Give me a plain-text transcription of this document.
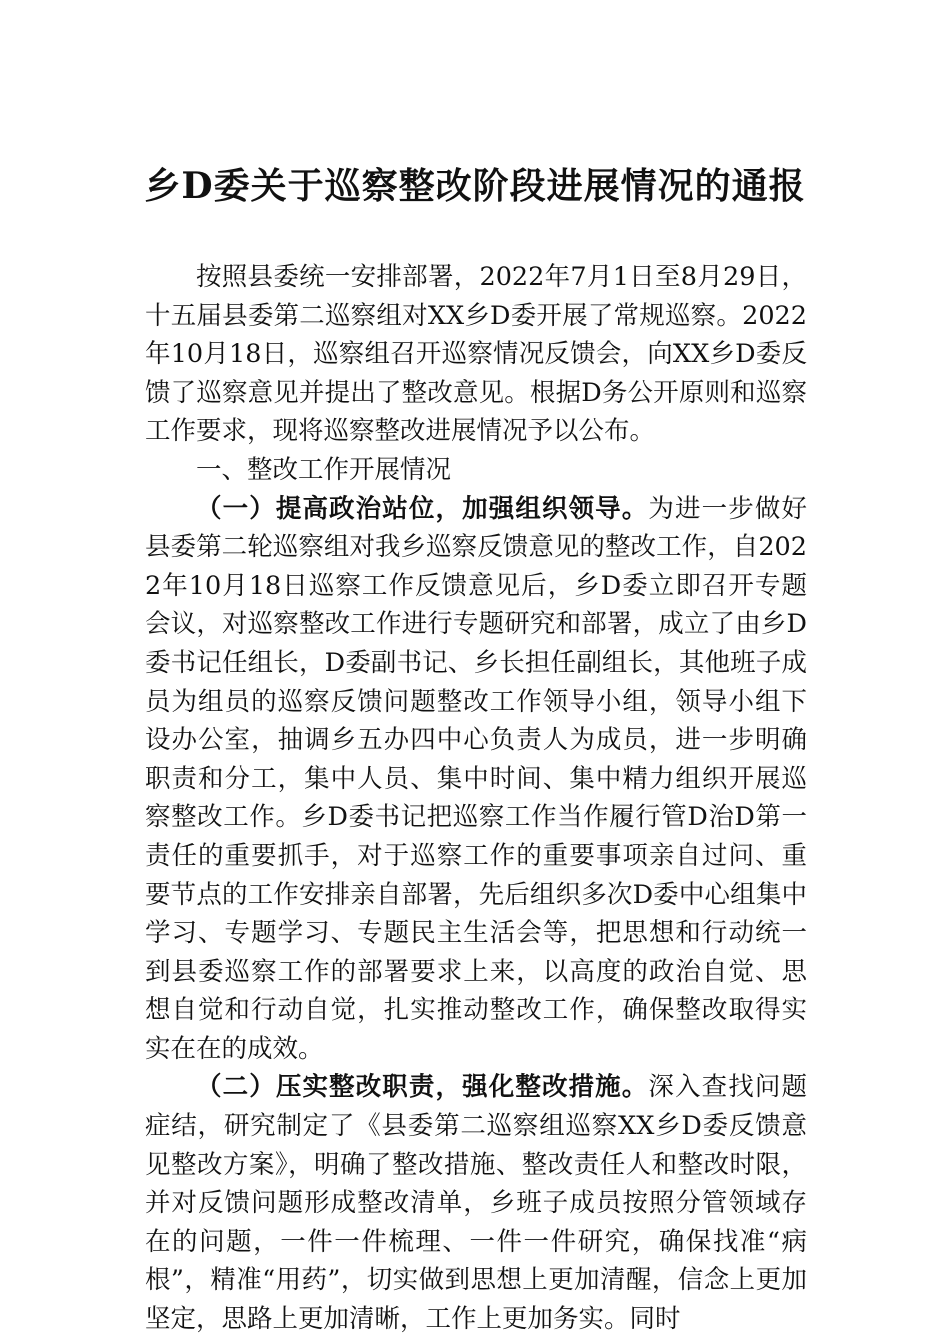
乡D委关于巡察整改阶段进展情况的通报

按照县委统一安排部署，2022年7月1日至8月29日，十五届县委第二巡察组对XX乡D委开展了常规巡察。2022年10月18日，巡察组召开巡察情况反馈会，向XX乡D委反馈了巡察意见并提出了整改意见。根据D务公开原则和巡察工作要求，现将巡察整改进展情况予以公布。

一、整改工作开展情况

（一）提高政治站位，加强组织领导。为进一步做好县委第二轮巡察组对我乡巡察反馈意见的整改工作，自2022年10月18日巡察工作反馈意见后，乡D委立即召开专题会议，对巡察整改工作进行专题研究和部署，成立了由乡D委书记任组长，D委副书记、乡长担任副组长，其他班子成员为组员的巡察反馈问题整改工作领导小组，领导小组下设办公室，抽调乡五办四中心负责人为成员，进一步明确职责和分工，集中人员、集中时间、集中精力组织开展巡察整改工作。乡D委书记把巡察工作当作履行管D治D第一责任的重要抓手，对于巡察工作的重要事项亲自过问、重要节点的工作安排亲自部署，先后组织多次D委中心组集中学习、专题学习、专题民主生活会等，把思想和行动统一到县委巡察工作的部署要求上来，以高度的政治自觉、思想自觉和行动自觉，扎实推动整改工作，确保整改取得实实在在的成效。

（二）压实整改职责，强化整改措施。深入查找问题症结，研究制定了《县委第二巡察组巡察XX乡D委反馈意见整改方案》，明确了整改措施、整改责任人和整改时限，并对反馈问题形成整改清单，乡班子成员按照分管领域存在的问题，一件一件梳理、一件一件研究，确保找准“病根”，精准“用药”，切实做到思想上更加清醒，信念上更加坚定，思路上更加清晰，工作上更加务实。同时
